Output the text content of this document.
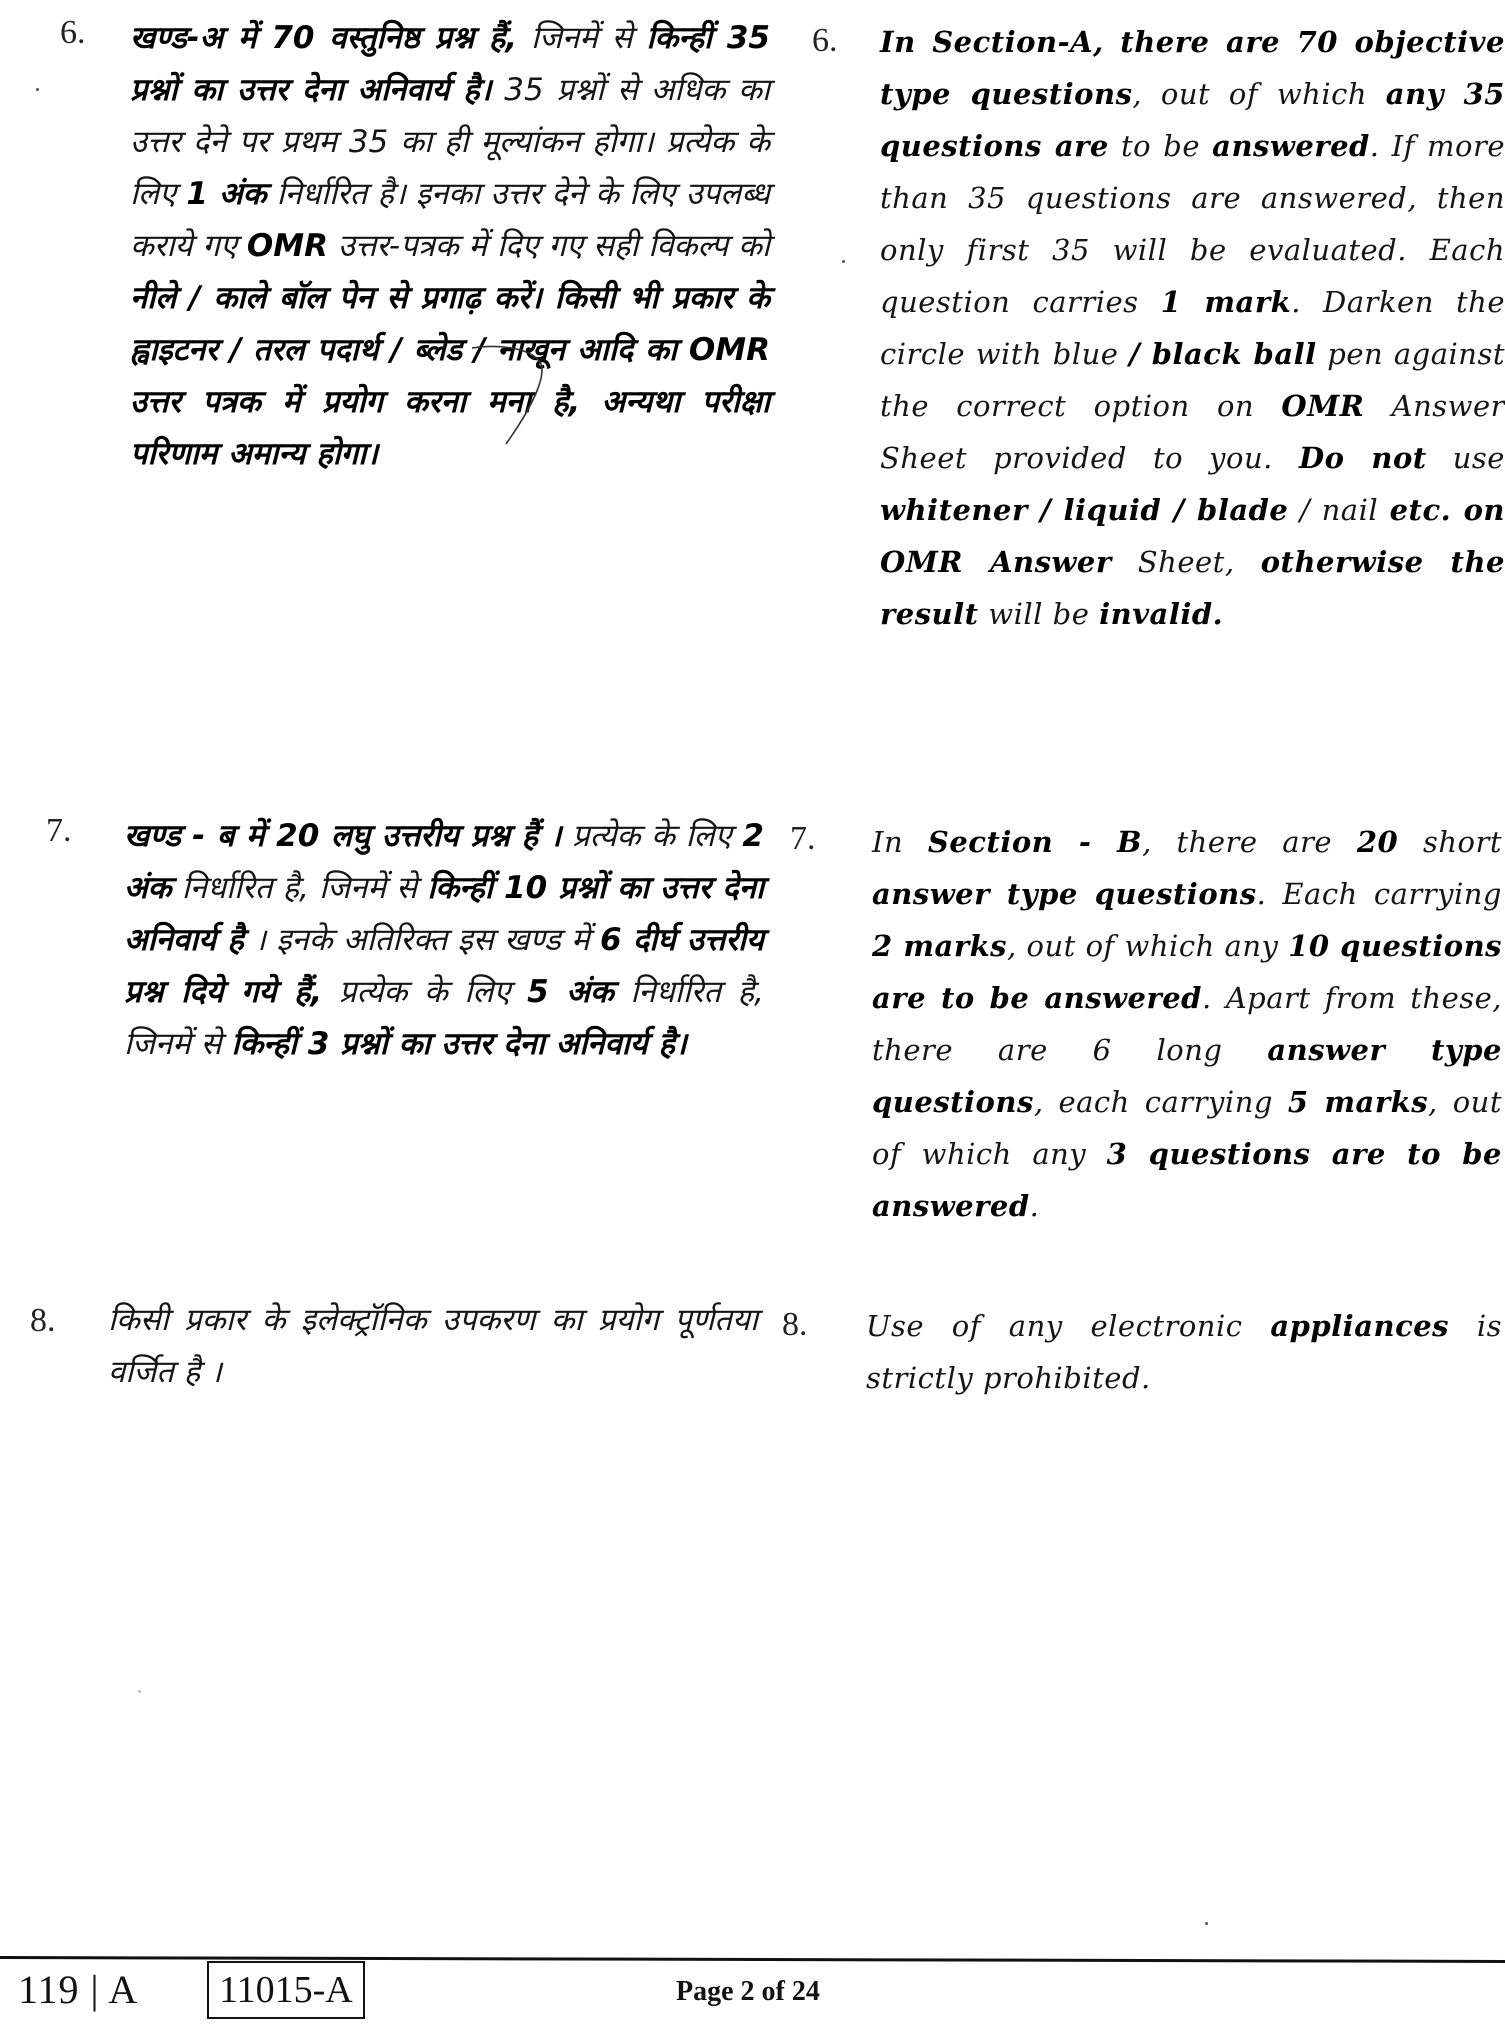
6. खण्ड-अ में 70 वस्तुनिष्ठ प्रश्न हैं, जिनमें से किन्हीं 35 प्रश्नों का उत्तर देना अनिवार्य है। 35 प्रश्नों से अधिक का उत्तर देने पर प्रथम 35 का ही मूल्यांकन होगा। प्रत्येक के लिए 1 अंक निर्धारित है। इनका उत्तर देने के लिए उपलब्ध कराये गए OMR उत्तर-पत्रक में दिए गए सही विकल्प को नीले / काले बॉल पेन से प्रगाढ़ करें। किसी भी प्रकार के ह्वाइटनर / तरल पदार्थ / ब्लेड / नाखून आदि का OMR उत्तर पत्रक में प्रयोग करना मना है, अन्यथा परीक्षा परिणाम अमान्य होगा।
6. In Section-A, there are 70 objective type questions, out of which any 35 questions are to be answered. If more than 35 questions are answered, then only first 35 will be evaluated. Each question carries 1 mark. Darken the circle with blue / black ball pen against the correct option on OMR Answer Sheet provided to you. Do not use whitener / liquid / blade / nail etc. on OMR Answer Sheet, otherwise the result will be invalid.
7. खण्ड - ब में 20 लघु उत्तरीय प्रश्न हैं । प्रत्येक के लिए 2 अंक निर्धारित है, जिनमें से किन्हीं 10 प्रश्नों का उत्तर देना अनिवार्य है । इनके अतिरिक्त इस खण्ड में 6 दीर्घ उत्तरीय प्रश्न दिये गये हैं, प्रत्येक के लिए 5 अंक निर्धारित है, जिनमें से किन्हीं 3 प्रश्नों का उत्तर देना अनिवार्य है।
7. In Section - B, there are 20 short answer type questions. Each carrying 2 marks, out of which any 10 questions are to be answered. Apart from these, there are 6 long answer type questions, each carrying 5 marks, out of which any 3 questions are to be answered.
8. किसी प्रकार के इलेक्ट्रॉनिक उपकरण का प्रयोग पूर्णतया वर्जित है ।
8. Use of any electronic appliances is strictly prohibited.
119 | A	11015-A	Page 2 of 24
